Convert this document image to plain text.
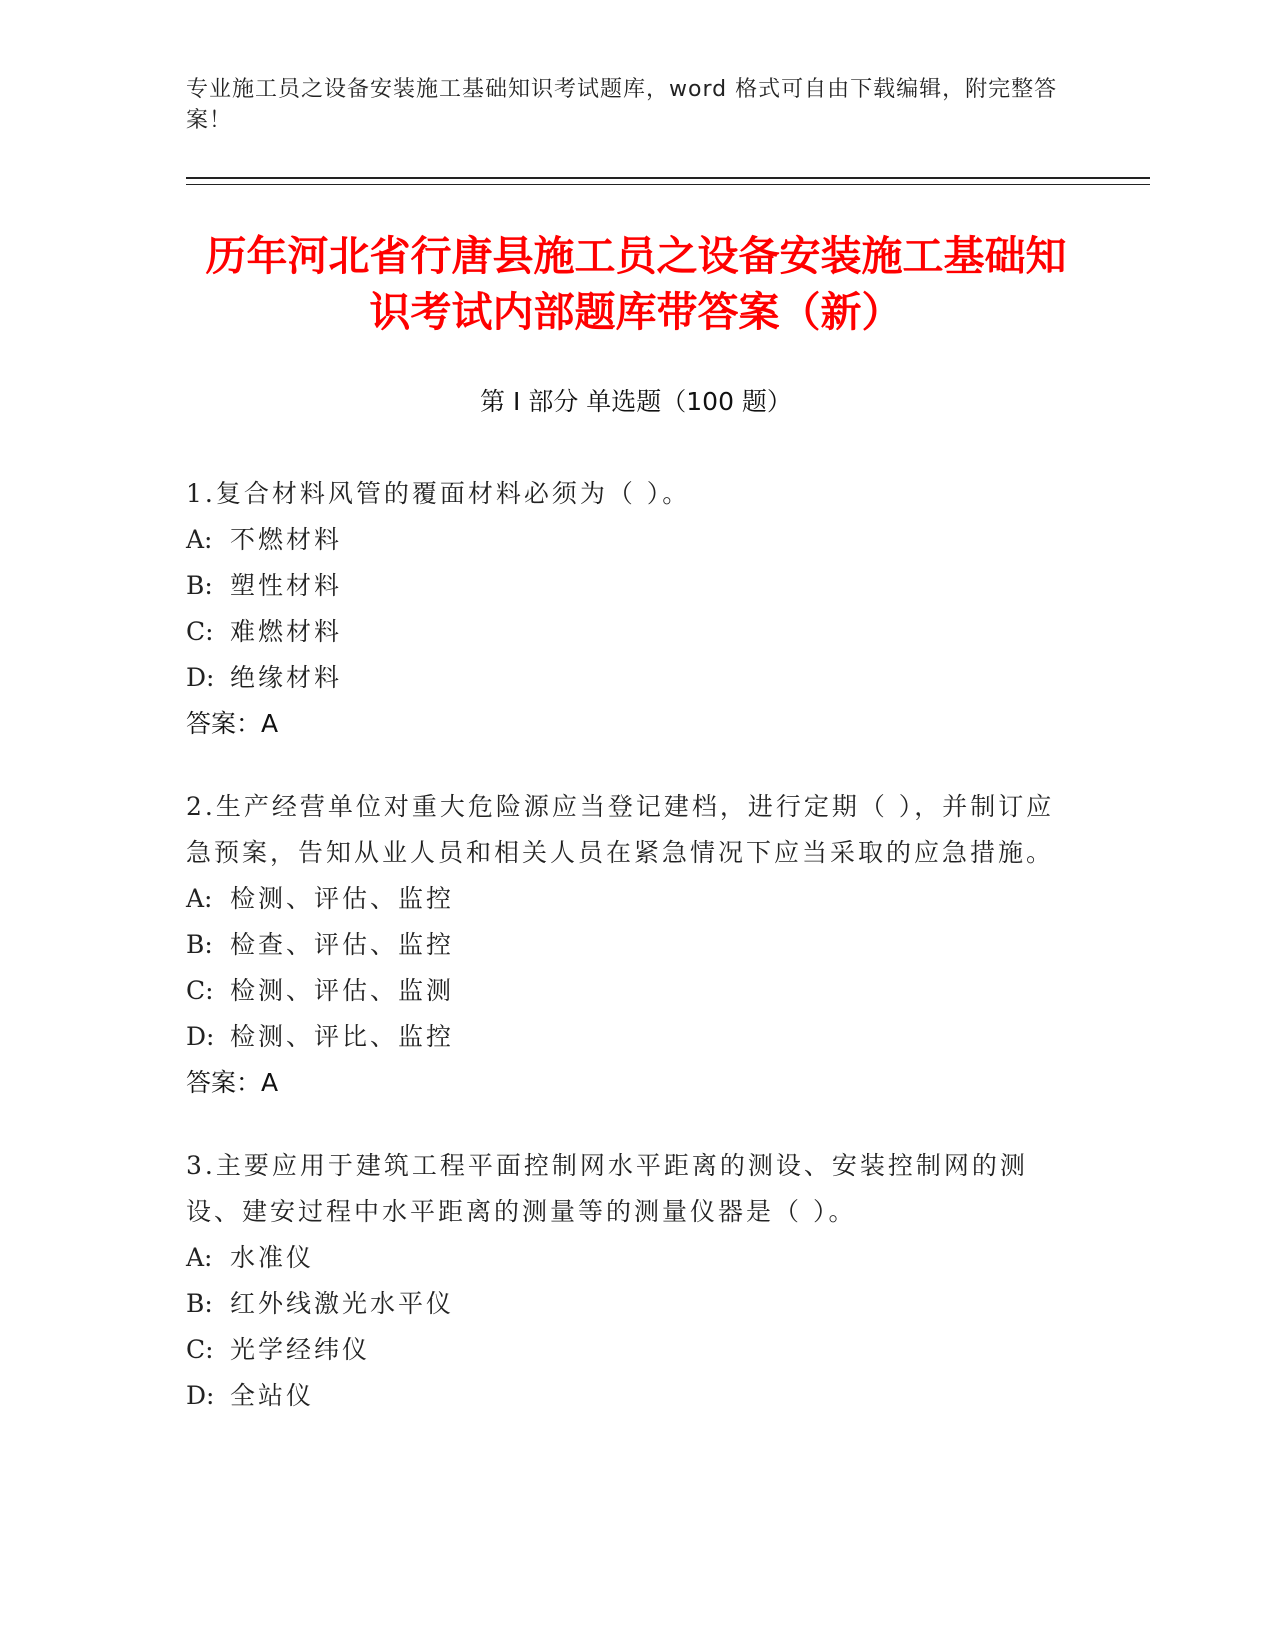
专业施工员之设备安装施工基础知识考试题库，word 格式可自由下载编辑，附完整答案！
历年河北省行唐县施工员之设备安装施工基础知识考试内部题库带答案（新）
第 I 部分 单选题（100 题）

1.复合材料风管的覆面材料必须为（ ）。

A: 不燃材料

B: 塑性材料

C: 难燃材料

D: 绝缘材料

答案：A

2.生产经营单位对重大危险源应当登记建档，进行定期（ ），并制订应急预案，告知从业人员和相关人员在紧急情况下应当采取的应急措施。

A: 检测、评估、监控

B: 检查、评估、监控

C: 检测、评估、监测

D: 检测、评比、监控

答案：A

3.主要应用于建筑工程平面控制网水平距离的测设、安装控制网的测设、建安过程中水平距离的测量等的测量仪器是（ ）。

A: 水准仪

B: 红外线激光水平仪

C: 光学经纬仪

D: 全站仪
